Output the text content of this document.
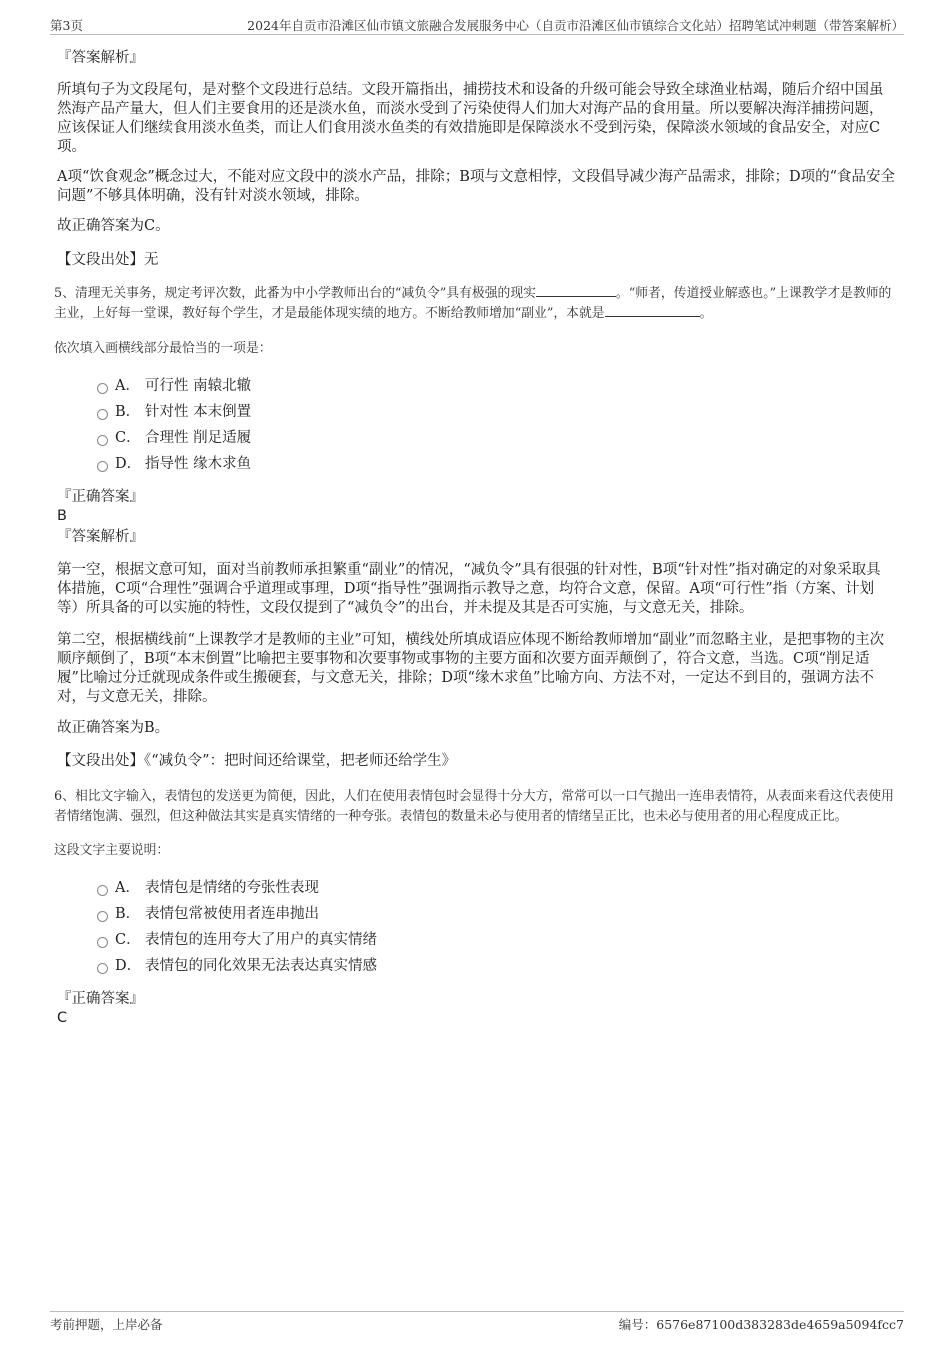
第3页	2024年自贡市沿滩区仙市镇文旅融合发展服务中心（自贡市沿滩区仙市镇综合文化站）招聘笔试冲刺题（带答案解析）

『答案解析』

所填句子为文段尾句，是对整个文段进行总结。文段开篇指出，捕捞技术和设备的升级可能会导致全球渔业枯竭，随后介绍中国虽然海产品产量大，但人们主要食用的还是淡水鱼，而淡水受到了污染使得人们加大对海产品的食用量。所以要解决海洋捕捞问题，应该保证人们继续食用淡水鱼类，而让人们食用淡水鱼类的有效措施即是保障淡水不受到污染，保障淡水领域的食品安全，对应C项。

A项“饮食观念”概念过大，不能对应文段中的淡水产品，排除；B项与文意相悖，文段倡导减少海产品需求，排除；D项的“食品安全问题”不够具体明确，没有针对淡水领域，排除。

故正确答案为C。

【文段出处】无

5、清理无关事务，规定考评次数，此番为中小学教师出台的“减负令”具有极强的现实	。“师者，传道授业解惑也。”上课教学才是教师的主业，上好每一堂课，教好每个学生，才是最能体现实绩的地方。不断给教师增加“副业”，本就是	。

依次填入画横线部分最恰当的一项是：

A． 可行性 南辕北辙
B． 针对性 本末倒置
C． 合理性 削足适履
D． 指导性 缘木求鱼

『正确答案』

B

『答案解析』

第一空，根据文意可知，面对当前教师承担繁重“副业”的情况，“减负令”具有很强的针对性，B项“针对性”指对确定的对象采取具体措施，C项“合理性”强调合乎道理或事理，D项“指导性”强调指示教导之意，均符合文意，保留。A项“可行性”指（方案、计划等）所具备的可以实施的特性，文段仅提到了“减负令”的出台，并未提及其是否可实施，与文意无关，排除。

第二空，根据横线前“上课教学才是教师的主业”可知，横线处所填成语应体现不断给教师增加“副业”而忽略主业，是把事物的主次顺序颠倒了，B项“本末倒置”比喻把主要事物和次要事物或事物的主要方面和次要方面弄颠倒了，符合文意，当选。C项“削足适履”比喻过分迁就现成条件或生搬硬套，与文意无关，排除；D项“缘木求鱼”比喻方向、方法不对，一定达不到目的，强调方法不对，与文意无关，排除。

故正确答案为B。

【文段出处】《“减负令”：把时间还给课堂，把老师还给学生》

6、相比文字输入，表情包的发送更为简便，因此，人们在使用表情包时会显得十分大方，常常可以一口气抛出一连串表情符，从表面来看这代表使用者情绪饱满、强烈，但这种做法其实是真实情绪的一种夸张。表情包的数量未必与使用者的情绪呈正比，也未必与使用者的用心程度成正比。

这段文字主要说明：

A． 表情包是情绪的夸张性表现
B． 表情包常被使用者连串抛出
C． 表情包的连用夸大了用户的真实情绪
D． 表情包的同化效果无法表达真实情感

『正确答案』

C

考前押题，上岸必备	编号：6576e87100d383283de4659a5094fcc7
